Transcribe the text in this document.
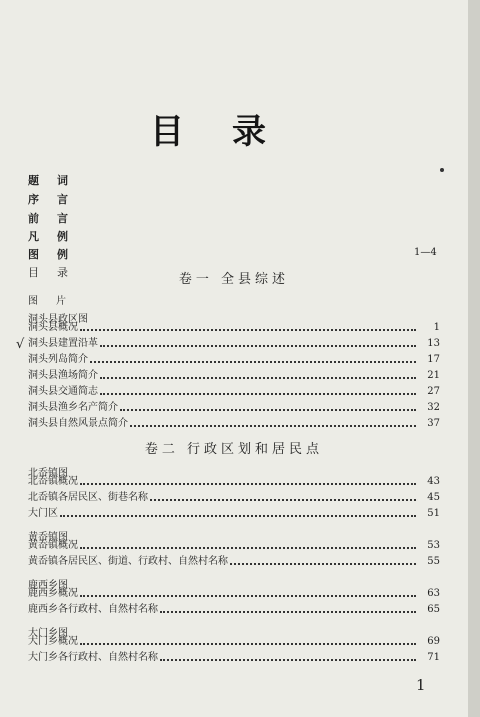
目录
题词
序言
前言
凡例
图例
目录
1—4
卷一 全县综述
图片
洞头县政区图
洞头县概况	1
√ 洞头县建置沿革	13
洞头列岛简介	17
洞头县渔场简介	21
洞头县交通简志	27
洞头县渔乡名产简介	32
洞头县自然风景点简介	37
卷二 行政区划和居民点
北岙镇图
北岙镇概况	43
北岙镇各居民区、街巷名称	45
大门区	51
黄岙镇图
黄岙镇概况	53
黄岙镇各居民区、街道、行政村、自然村名称	55
鹿西乡图
鹿西乡概况	63
鹿西乡各行政村、自然村名称	65
大门乡图
大门乡概况	69
大门乡各行政村、自然村名称	71
1
